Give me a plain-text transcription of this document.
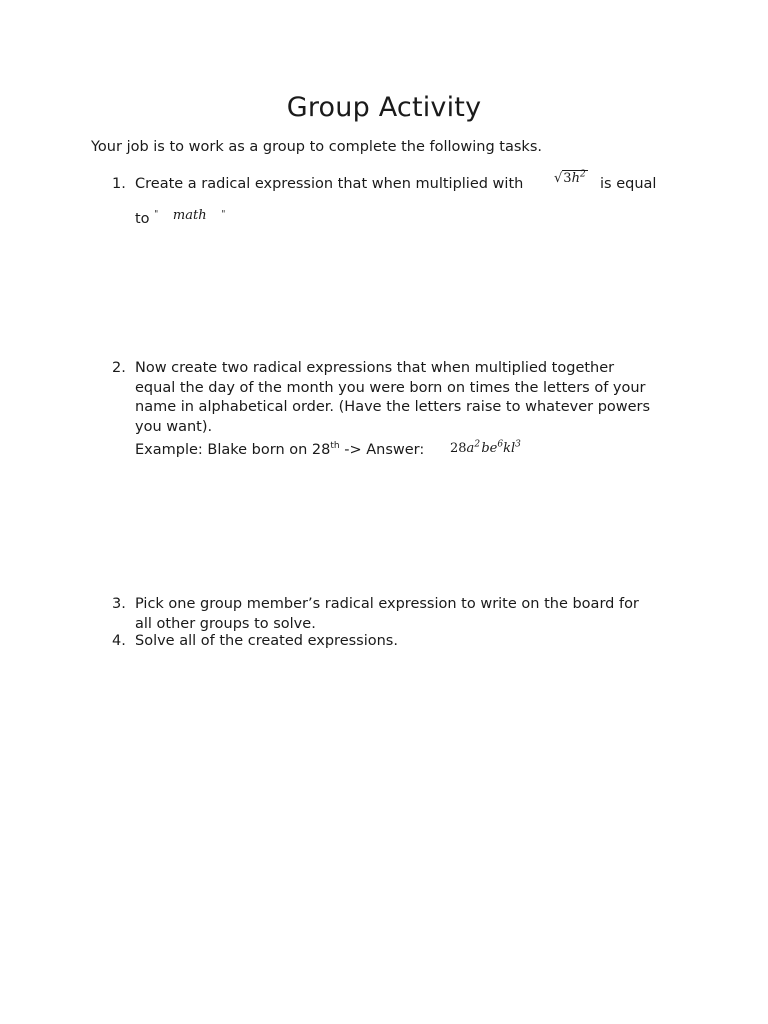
Group Activity
Your job is to work as a group to complete the following tasks.
1. Create a radical expression that when multiplied with $√3h^2$
is equal
to " math "
2. Now create two radical expressions that when multiplied together
equal the day of the month you were born on times the letters of your
name in alphabetical order. (Have the letters raise to whatever powers
you want).
Example: Blake born on 28th -> Answer: $28a^2$ $be^6kl^3$
3. Pick one group member’s radical expression to write on the board for
all other groups to solve.
4. Solve all of the created expressions.
